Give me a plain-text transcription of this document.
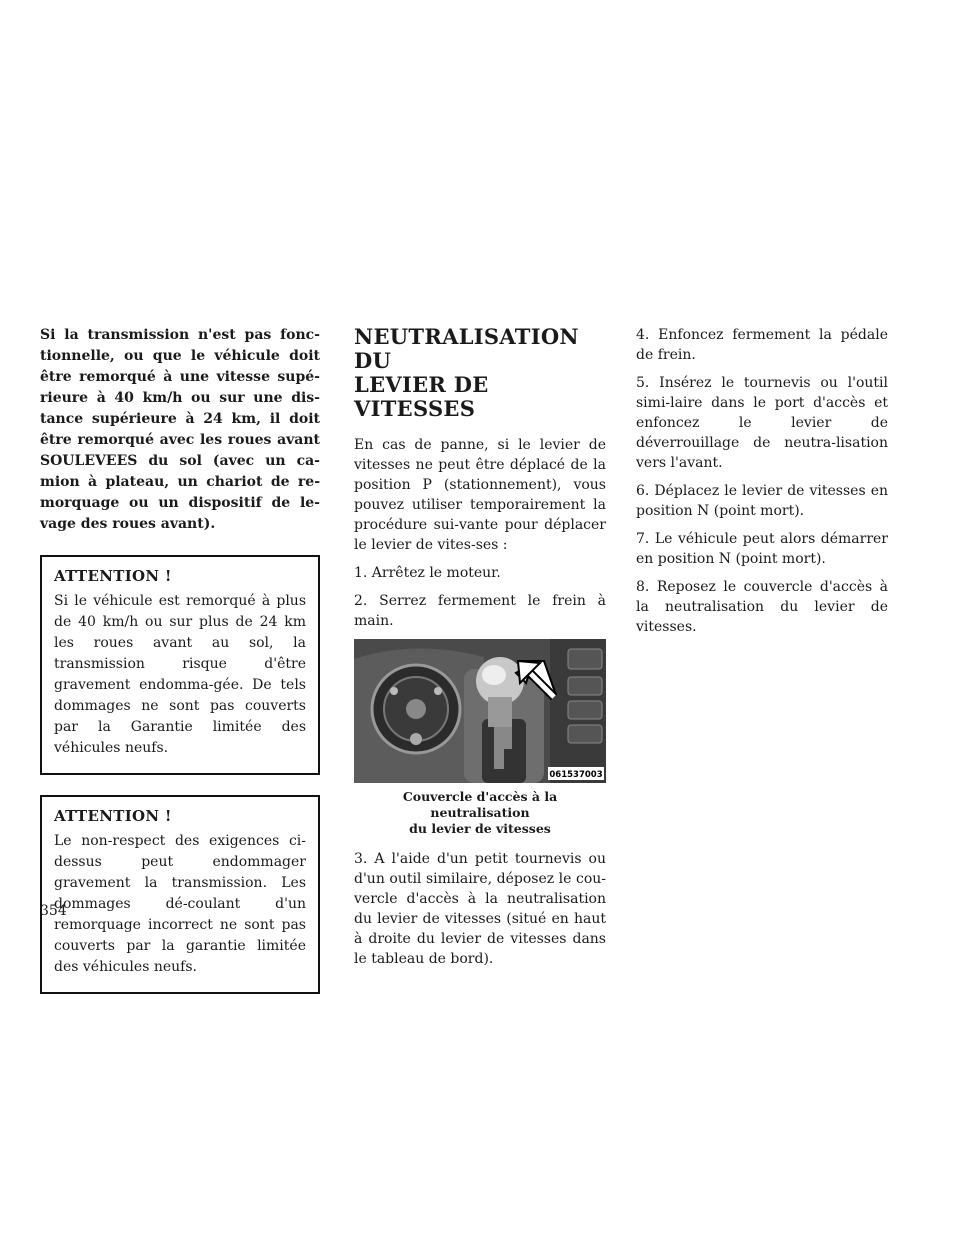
Si la transmission n'est pas fonc-tionnelle, ou que le véhicule doit être remorqué à une vitesse supé-rieure à 40 km/h ou sur une dis-tance supérieure à 24 km, il doit être remorqué avec les roues avant SOULEVEES du sol (avec un ca-mion à plateau, un chariot de re-morquage ou un dispositif de le-vage des roues avant).

ATTENTION !

Si le véhicule est remorqué à plus de 40 km/h ou sur plus de 24 km les roues avant au sol, la transmission risque d'être gravement endomma-gée. De tels dommages ne sont pas couverts par la Garantie limitée des véhicules neufs.

ATTENTION !

Le non-respect des exigences ci-dessus peut endommager gravement la transmission. Les dommages dé-coulant d'un remorquage incorrect ne sont pas couverts par la garantie limitée des véhicules neufs.

NEUTRALISATION DU
LEVIER DE VITESSES

En cas de panne, si le levier de vitesses ne peut être déplacé de la position P (stationnement), vous pouvez utiliser temporairement la procédure sui-vante pour déplacer le levier de vites-ses :

1. Arrêtez le moteur.

2. Serrez fermement le frein à main.

061537003

Couvercle d'accès à la neutralisation
du levier de vitesses

3. A l'aide d'un petit tournevis ou d'un outil similaire, déposez le cou-vercle d'accès à la neutralisation du levier de vitesses (situé en haut à droite du levier de vitesses dans le tableau de bord).

4. Enfoncez fermement la pédale de frein.

5. Insérez le tournevis ou l'outil simi-laire dans le port d'accès et enfoncez le levier de déverrouillage de neutra-lisation vers l'avant.

6. Déplacez le levier de vitesses en position N (point mort).

7. Le véhicule peut alors démarrer en position N (point mort).

8. Reposez le couvercle d'accès à la neutralisation du levier de vitesses.

354
